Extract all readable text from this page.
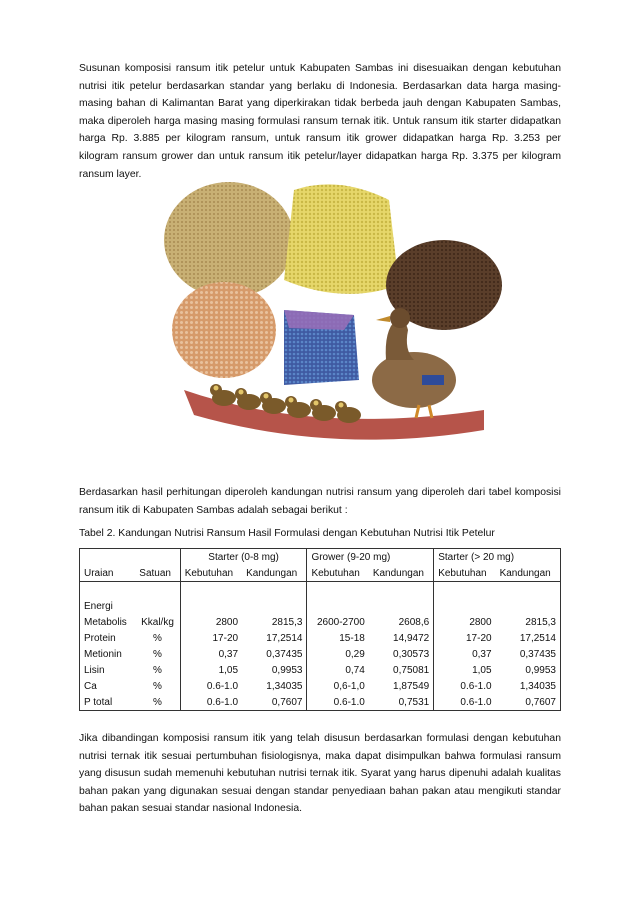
Susunan komposisi ransum itik petelur untuk Kabupaten Sambas ini disesuaikan dengan kebutuhan nutrisi itik petelur berdasarkan standar yang berlaku di Indonesia. Berdasarkan data harga masing-masing bahan di Kalimantan Barat yang diperkirakan tidak berbeda jauh dengan Kabupaten Sambas, maka diperoleh harga masing masing formulasi ransum ternak itik. Untuk ransum itik starter didapatkan harga Rp. 3.885 per kilogram ransum, untuk ransum itik grower didapatkan harga Rp. 3.253 per kilogram ransum grower dan untuk ransum itik petelur/layer didapatkan harga Rp. 3.375 per kilogram ransum layer.

Berdasarkan hasil perhitungan diperoleh kandungan nutrisi ransum yang diperoleh dari tabel komposisi ransum itik di Kabupaten Sambas adalah sebagai berikut :

Tabel 2. Kandungan Nutrisi Ransum Hasil Formulasi dengan Kebutuhan Nutrisi Itik Petelur

		Starter (0-8 mg)		Grower (9-20 mg)		Starter (> 20 mg)	
Uraian	Satuan	Kebutuhan	Kandungan	Kebutuhan	Kandungan	Kebutuhan	Kandungan

Energi							
Metabolis	Kkal/kg	2800	2815,3	2600-2700	2608,6	2800	2815,3
Protein	%	17-20	17,2514	15-18	14,9472	17-20	17,2514
Metionin	%	0,37	0,37435	0,29	0,30573	0,37	0,37435
Lisin	%	1,05	0,9953	0,74	0,75081	1,05	0,9953
Ca	%	0.6-1.0	1,34035	0,6-1,0	1,87549	0.6-1.0	1,34035
P total	%	0.6-1.0	0,7607	0.6-1.0	0,7531	0.6-1.0	0,7607

Jika dibandingan komposisi ransum itik yang telah disusun berdasarkan formulasi dengan kebutuhan nutrisi ternak itik sesuai pertumbuhan fisiologisnya, maka dapat disimpulkan bahwa formulasi ransum yang disusun sudah memenuhi kebutuhan nutrisi ternak itik. Syarat yang harus dipenuhi adalah kualitas bahan pakan yang digunakan sesuai dengan standar penyediaan bahan pakan atau mengikuti standar bahan pakan sesuai standar nasional Indonesia.
